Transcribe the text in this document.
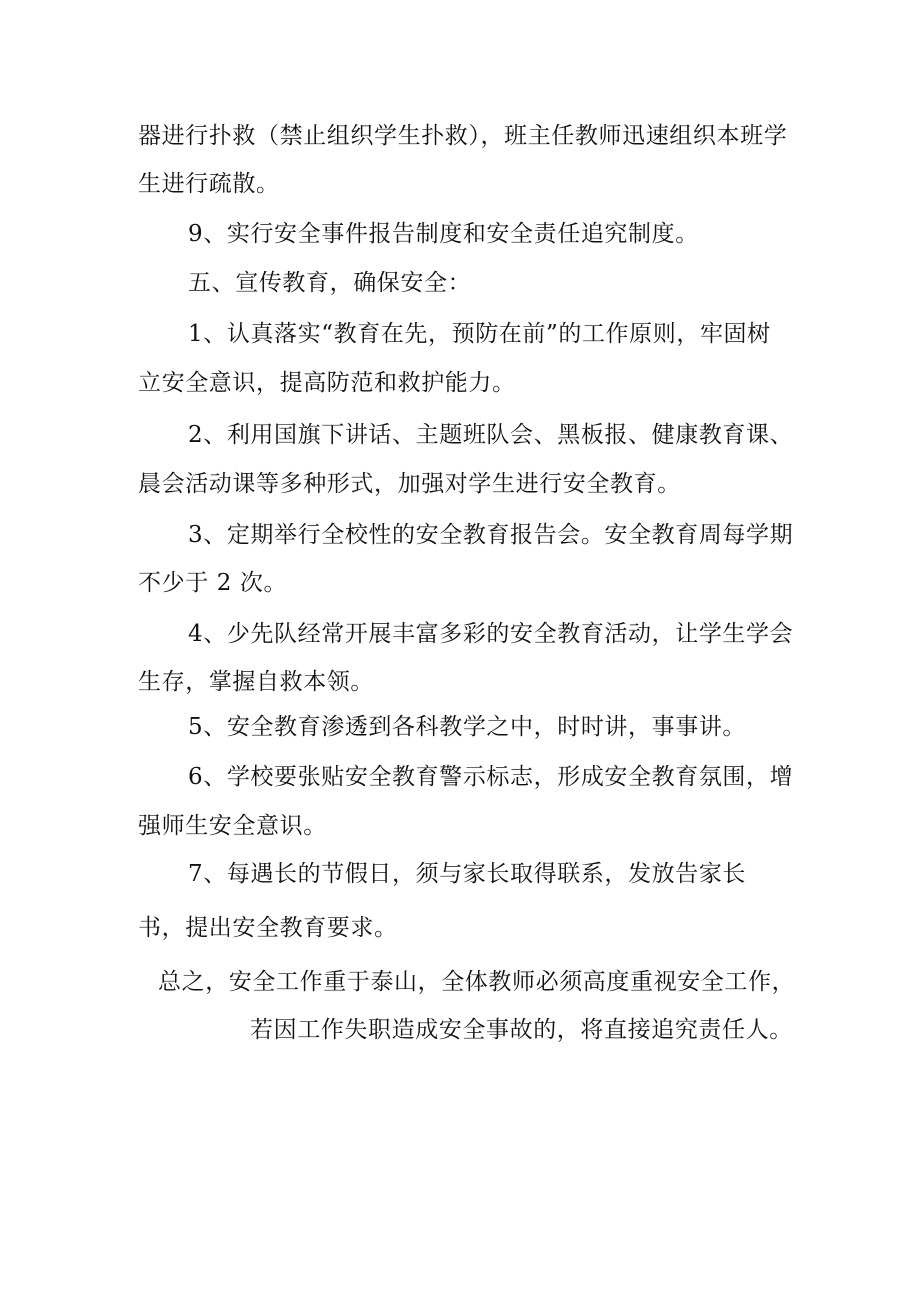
器进行扑救（禁止组织学生扑救），班主任教师迅速组织本班学
生进行疏散。
9、实行安全事件报告制度和安全责任追究制度。
五、宣传教育，确保安全：
1、认真落实“教育在先，预防在前”的工作原则，牢固树
立安全意识，提高防范和救护能力。
2、利用国旗下讲话、主题班队会、黑板报、健康教育课、
晨会活动课等多种形式，加强对学生进行安全教育。
3、定期举行全校性的安全教育报告会。安全教育周每学期
不少于 2 次。
4、少先队经常开展丰富多彩的安全教育活动，让学生学会
生存，掌握自救本领。
5、安全教育渗透到各科教学之中，时时讲，事事讲。
6、学校要张贴安全教育警示标志，形成安全教育氛围，增
强师生安全意识。
7、每遇长的节假日，须与家长取得联系，发放告家长
书，提出安全教育要求。
总之，安全工作重于泰山，全体教师必须高度重视安全工作，
若因工作失职造成安全事故的，将直接追究责任人。
